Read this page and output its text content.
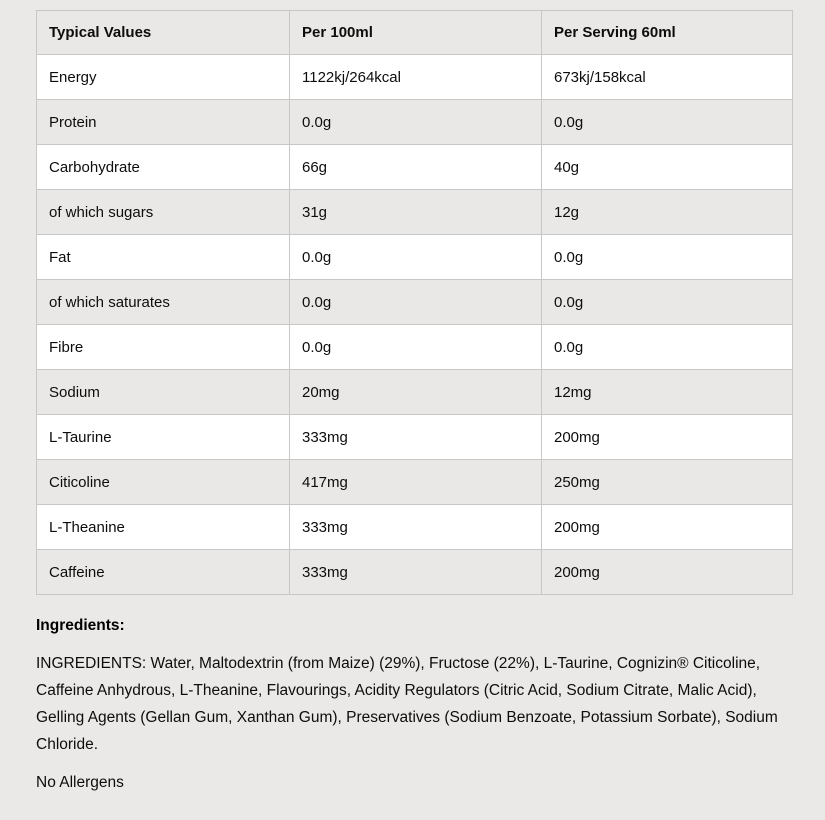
Typical Values	Per 100ml	Per Serving 60ml
Energy	1122kj/264kcal	673kj/158kcal
Protein	0.0g	0.0g
Carbohydrate	66g	40g
of which sugars	31g	12g
Fat	0.0g	0.0g
of which saturates	0.0g	0.0g
Fibre	0.0g	0.0g
Sodium	20mg	12mg
L-Taurine	333mg	200mg
Citicoline	417mg	250mg
L-Theanine	333mg	200mg
Caffeine	333mg	200mg
Ingredients:

INGREDIENTS: Water, Maltodextrin (from Maize) (29%), Fructose (22%), L-Taurine, Cognizin® Citicoline, Caffeine Anhydrous, L-Theanine, Flavourings, Acidity Regulators (Citric Acid, Sodium Citrate, Malic Acid), Gelling Agents (Gellan Gum, Xanthan Gum), Preservatives (Sodium Benzoate, Potassium Sorbate), Sodium Chloride.

No Allergens
